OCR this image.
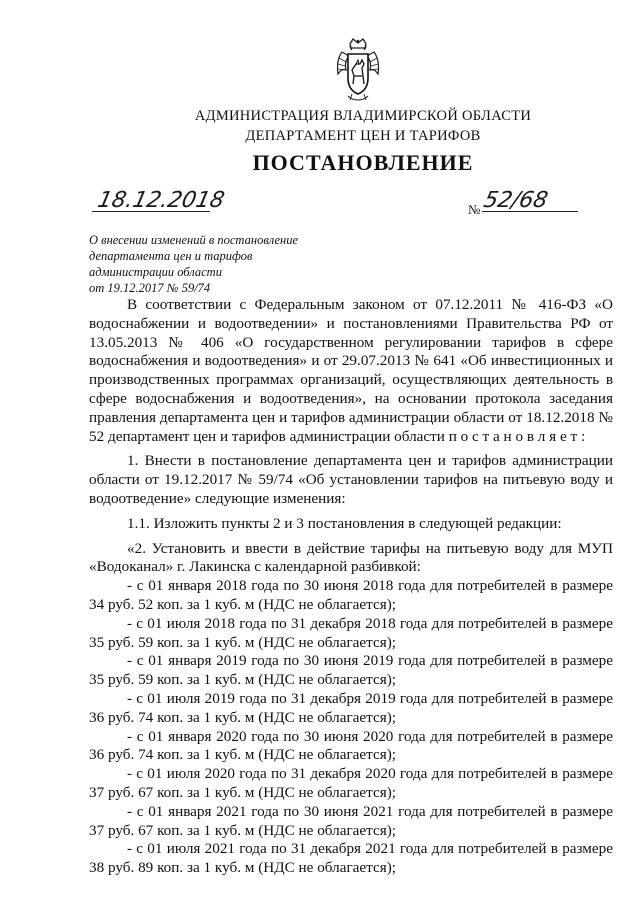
АДМИНИСТРАЦИЯ ВЛАДИМИРСКОЙ ОБЛАСТИ
ДЕПАРТАМЕНТ ЦЕН И ТАРИФОВ
ПОСТАНОВЛЕНИЕ
18.12.2018	№ 52/68
О внесении изменений в постановление
департамента цен и тарифов
администрации области
от 19.12.2017 № 59/74

В соответствии с Федеральным законом от 07.12.2011 № 416-ФЗ «О водоснабжении и водоотведении» и постановлениями Правительства РФ от 13.05.2013 № 406 «О государственном регулировании тарифов в сфере водоснабжения и водоотведения» и от 29.07.2013 № 641 «Об инвестиционных и производственных программах организаций, осуществляющих деятельность в сфере водоснабжения и водоотведения», на основании протокола заседания правления департамента цен и тарифов администрации области от 18.12.2018 № 52 департамент цен и тарифов администрации области п о с т а н о в л я е т :

1. Внести в постановление департамента цен и тарифов администрации области от 19.12.2017 № 59/74 «Об установлении тарифов на питьевую воду и водоотведение» следующие изменения:

1.1. Изложить пункты 2 и 3 постановления в следующей редакции:

«2. Установить и ввести в действие тарифы на питьевую воду для МУП «Водоканал» г. Лакинска с календарной разбивкой:

- с 01 января 2018 года по 30 июня 2018 года для потребителей в размере 34 руб. 52 коп. за 1 куб. м (НДС не облагается);

- с 01 июля 2018 года по 31 декабря 2018 года для потребителей в размере 35 руб. 59 коп. за 1 куб. м (НДС не облагается);

- с 01 января 2019 года по 30 июня 2019 года для потребителей в размере 35 руб. 59 коп. за 1 куб. м (НДС не облагается);

- с 01 июля 2019 года по 31 декабря 2019 года для потребителей в размере 36 руб. 74 коп. за 1 куб. м (НДС не облагается);

- с 01 января 2020 года по 30 июня 2020 года для потребителей в размере 36 руб. 74 коп. за 1 куб. м (НДС не облагается);

- с 01 июля 2020 года по 31 декабря 2020 года для потребителей в размере 37 руб. 67 коп. за 1 куб. м (НДС не облагается);

- с 01 января 2021 года по 30 июня 2021 года для потребителей в размере 37 руб. 67 коп. за 1 куб. м (НДС не облагается);

- с 01 июля 2021 года по 31 декабря 2021 года для потребителей в размере 38 руб. 89 коп. за 1 куб. м (НДС не облагается);
